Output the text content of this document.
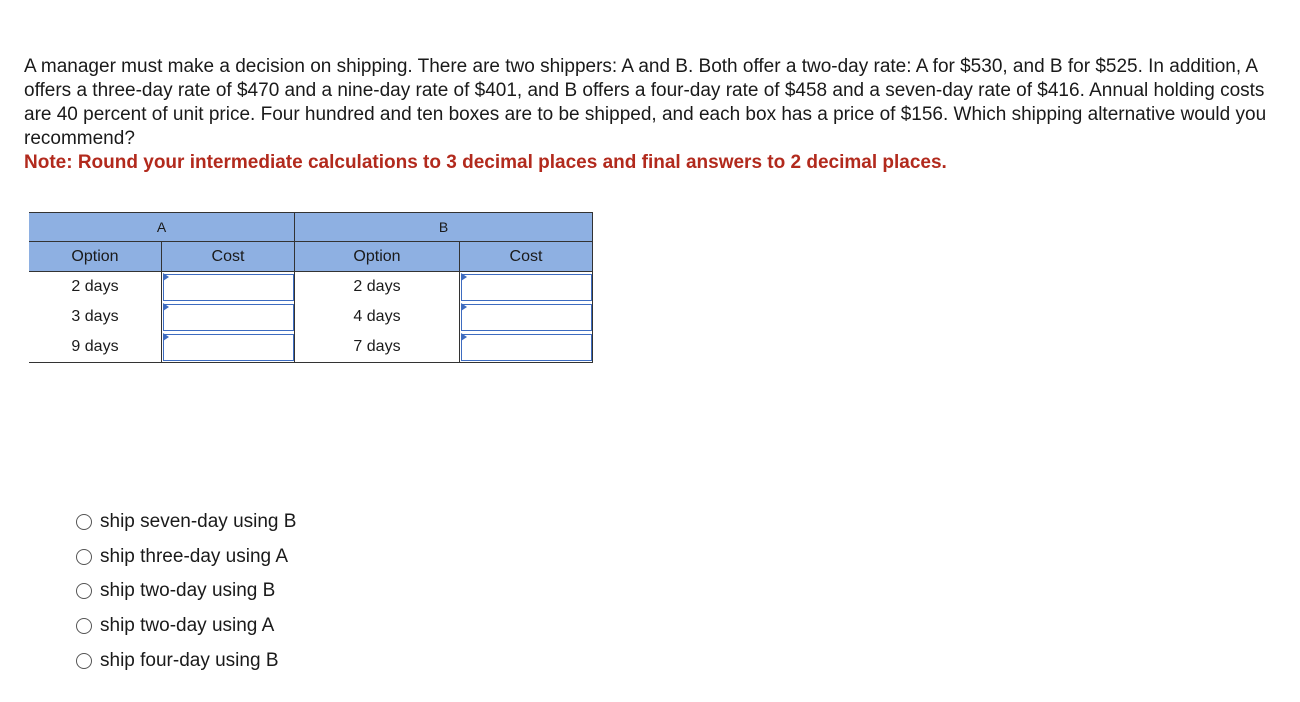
A manager must make a decision on shipping. There are two shippers: A and B. Both offer a two-day rate: A for $530, and B for $525. In addition, A offers a three-day rate of $470 and a nine-day rate of $401, and B offers a four-day rate of $458 and a seven-day rate of $416. Annual holding costs are 40 percent of unit price. Four hundred and ten boxes are to be shipped, and each box has a price of $156. Which shipping alternative would you recommend?
Note: Round your intermediate calculations to 3 decimal places and final answers to 2 decimal places.
A		B	
Option	Cost	Option	Cost
2 days		2 days	

3 days		4 days	

9 days		7 days	
ship seven-day using B
ship three-day using A
ship two-day using B
ship two-day using A
ship four-day using B
